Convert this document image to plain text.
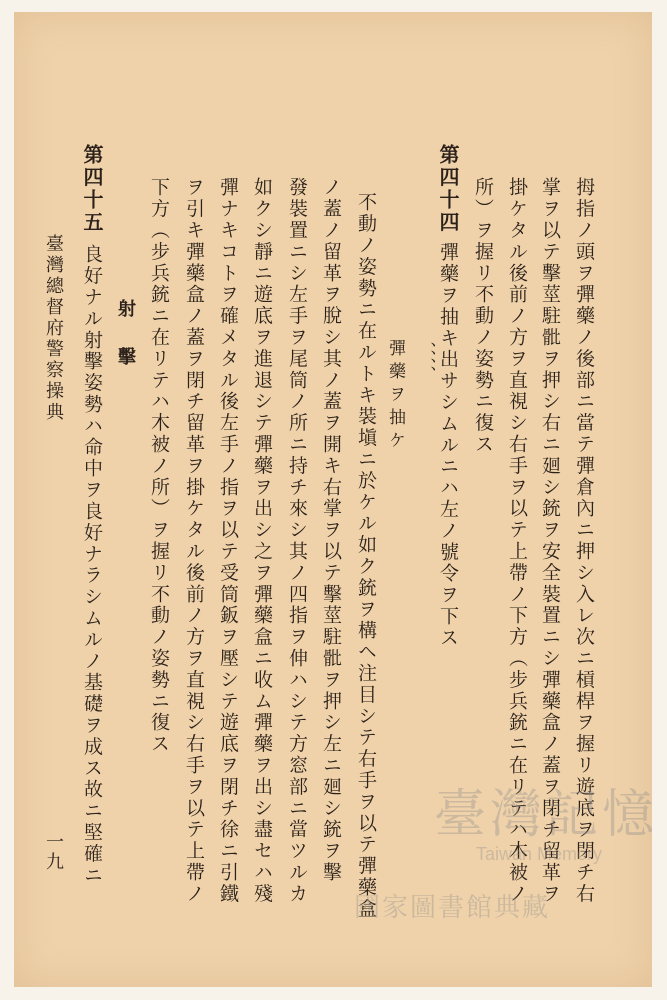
拇指ノ頭ヲ彈藥ノ後部ニ當テ彈倉內ニ押シ入レ次ニ槓桿ヲ握リ遊底ヲ閉チ右
掌ヲ以テ擊莖駐𩨨ヲ押シ右ニ廻シ銃ヲ安全裝置ニシ彈藥盒ノ蓋ヲ閉チ留革ヲ
掛ケタル後前ノ方ヲ直視シ右手ヲ以テ上帶ノ下方（步兵銃ニ在リテハ木被ノ
所）ヲ握リ不動ノ姿勢ニ復ス
第四十四
彈藥ヲ抽キ出サシムルニハ左ノ號令ヲ下ス
、、、、
彈藥ヲ抽ケ
不動ノ姿勢ニ在ルトキ裝塡ニ於ケル如ク銃ヲ構ヘ注目シテ右手ヲ以テ彈藥盒
ノ蓋ノ留革ヲ脫シ其ノ蓋ヲ開キ右掌ヲ以テ擊莖駐𩨨ヲ押シ左ニ廻シ銃ヲ擊
發裝置ニシ左手ヲ尾筒ノ所ニ持チ來シ其ノ四指ヲ伸ハシテ方窓部ニ當ツルカ
如クシ靜ニ遊底ヲ進退シテ彈藥ヲ出シ之ヲ彈藥盒ニ收ム彈藥ヲ出シ盡セハ殘
彈ナキコトヲ確メタル後左手ノ指ヲ以テ受筒鈑ヲ壓シテ遊底ヲ閉チ徐ニ引鐵
ヲ引キ彈藥盒ノ蓋ヲ閉チ留革ヲ掛ケタル後前ノ方ヲ直視シ右手ヲ以テ上帶ノ
下方（步兵銃ニ在リテハ木被ノ所）ヲ握リ不動ノ姿勢ニ復ス
射　擊
第四十五
良好ナル射擊姿勢ハ命中ヲ良好ナラシムルノ基礎ヲ成ス故ニ堅確ニ
臺灣總督府警察操典
一九
臺灣記憶
Taiwan Memory
國家圖書館典藏
